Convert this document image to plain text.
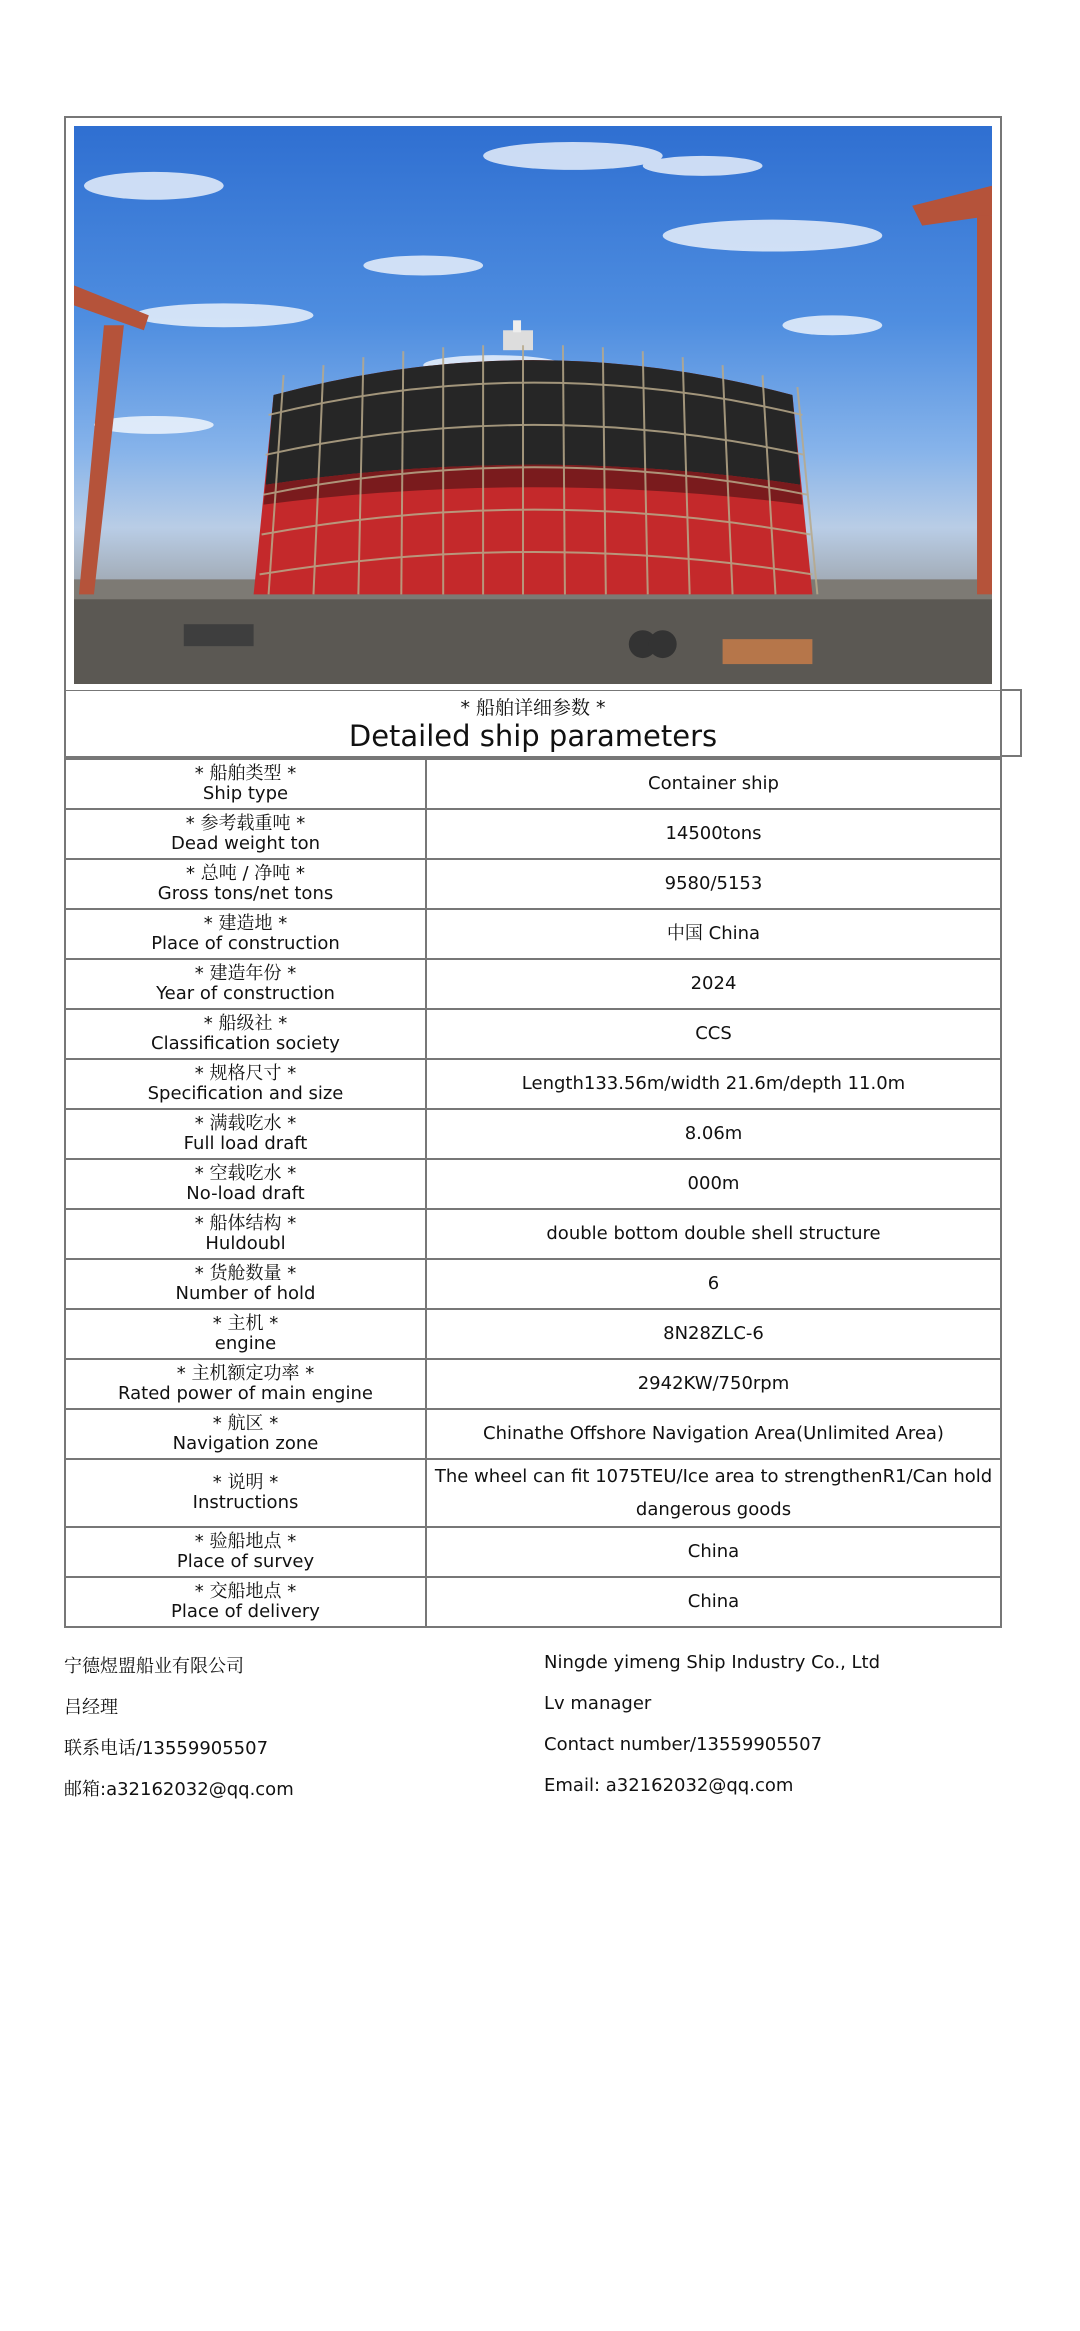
* 船舶详细参数 *
Detailed ship parameters
* 船舶类型 *
Ship type	Container ship

* 参考载重吨 *
Dead weight ton	14500tons

* 总吨 / 净吨 *
Gross tons/net tons	9580/5153

* 建造地 *
Place of construction	中国 China

* 建造年份 *
Year of construction	2024

* 船级社 *
Classification society	CCS

* 规格尺寸 *
Specification and size	Length133.56m/width 21.6m/depth 11.0m

* 满载吃水 *
Full load draft	8.06m

* 空载吃水 *
No-load draft	000m

* 船体结构 *
Huldoubl	double bottom double shell structure

* 货舱数量 *
Number of hold	6

* 主机 *
engine	8N28ZLC-6

* 主机额定功率 *
Rated power of main engine	2942KW/750rpm

* 航区 *
Navigation zone	Chinathe Offshore Navigation Area(Unlimited Area)

* 说明 *
Instructions	The wheel can fit 1075TEU/Ice area to strengthenR1/Can hold dangerous goods

* 验船地点 *
Place of survey	China

* 交船地点 *
Place of delivery	China
宁德煜盟船业有限公司	Ningde yimeng Ship Industry Co., Ltd
吕经理	Lv manager
联系电话/13559905507	Contact number/13559905507
邮箱:a32162032@qq.com	Email: a32162032@qq.com
